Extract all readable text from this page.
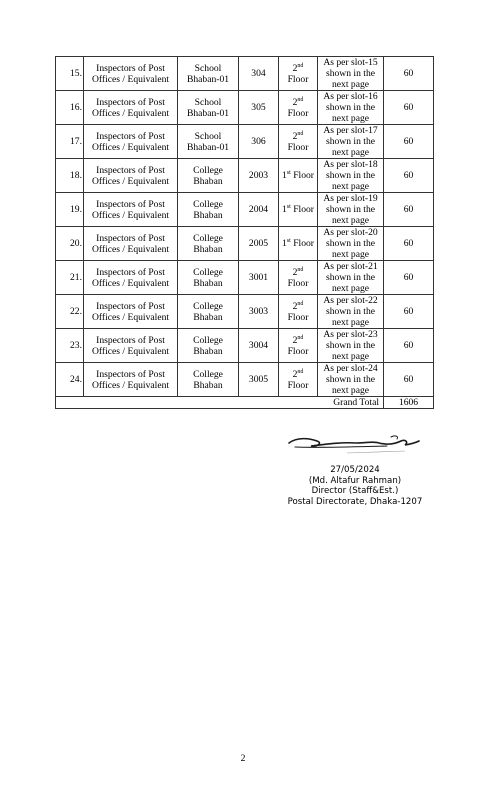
15.	Inspectors of Post
Offices / Equivalent	School
Bhaban-01	304	2nd
Floor	As per slot-15
shown in the
next page	60
16.	Inspectors of Post
Offices / Equivalent	School
Bhaban-01	305	2nd
Floor	As per slot-16
shown in the
next page	60
17.	Inspectors of Post
Offices / Equivalent	School
Bhaban-01	306	2nd
Floor	As per slot-17
shown in the
next page	60
18.	Inspectors of Post
Offices / Equivalent	College
Bhaban	2003	1st Floor	As per slot-18
shown in the
next page	60
19.	Inspectors of Post
Offices / Equivalent	College
Bhaban	2004	1st Floor	As per slot-19
shown in the
next page	60
20.	Inspectors of Post
Offices / Equivalent	College
Bhaban	2005	1st Floor	As per slot-20
shown in the
next page	60
21.	Inspectors of Post
Offices / Equivalent	College
Bhaban	3001	2nd
Floor	As per slot-21
shown in the
next page	60
22.	Inspectors of Post
Offices / Equivalent	College
Bhaban	3003	2nd
Floor	As per slot-22
shown in the
next page	60
23.	Inspectors of Post
Offices / Equivalent	College
Bhaban	3004	2nd
Floor	As per slot-23
shown in the
next page	60
24.	Inspectors of Post
Offices / Equivalent	College
Bhaban	3005	2nd
Floor	As per slot-24
shown in the
next page	60
Grand Total						1606
27/05/2024
(Md. Altafur Rahman)
Director (Staff&Est.)
Postal Directorate, Dhaka-1207
2
